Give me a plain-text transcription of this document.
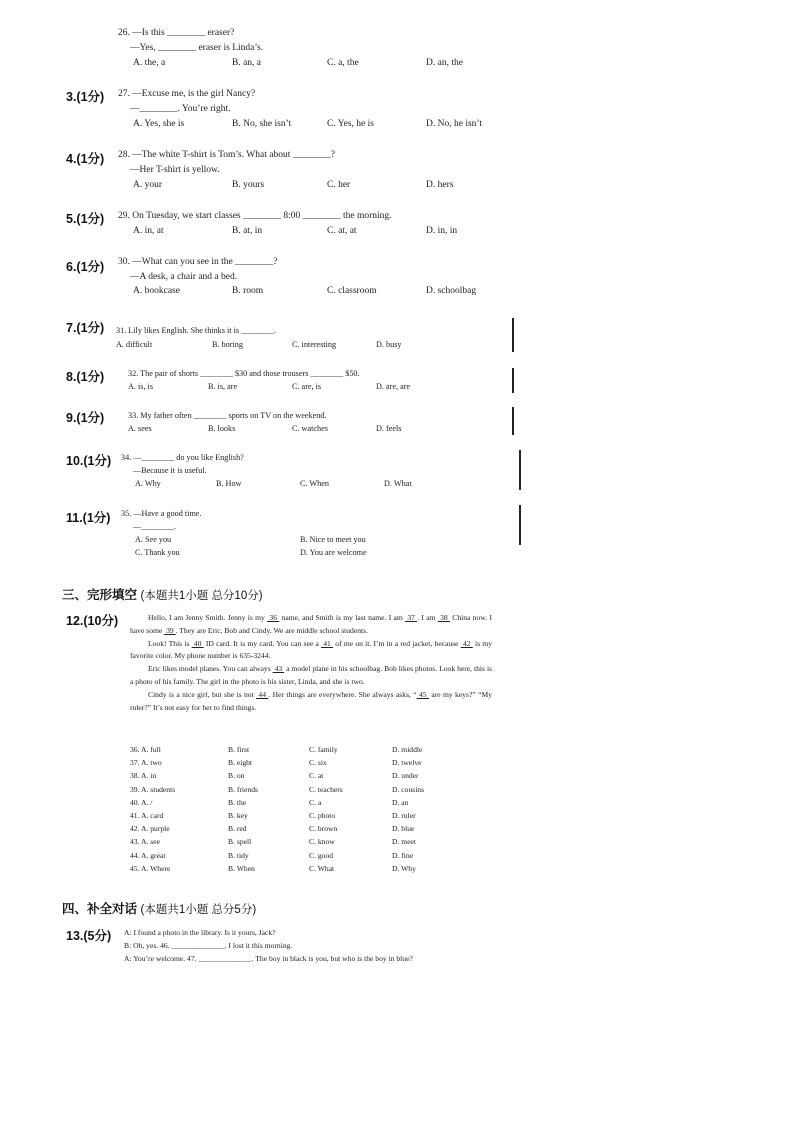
26. —Is this ________ eraser?
—Yes, ________ eraser is Linda’s.
A. the, a	B. an, a	C. a, the	D. an, the
3.(1分) 27. —Excuse me, is the girl Nancy?
—________. You’re right.
A. Yes, she is	B. No, she isn’t	C. Yes, he is	D. No, he isn’t
4.(1分) 28. —The white T-shirt is Tom’s. What about ________?
—Her T-shirt is yellow.
A. your	B. yours	C. her	D. hers
5.(1分) 29. On Tuesday, we start classes ________ 8:00 ________ the morning.
A. in, at	B. at, in	C. at, at	D. in, in
6.(1分) 30. —What can you see in the ________?
—A desk, a chair and a bed.
A. bookcase	B. room	C. classroom	D. schoolbag
7.(1分) 31. Lily likes English. She thinks it is ________.
A. difficult	B. boring	C. interesting	D. busy
8.(1分)	32. The pair of shorts ________ $30 and those trousers ________ $50.
A. is, is	B. is, are	C. are, is	D. are, are
9.(1分)	33. My father often ________ sports on TV on the weekend.
A. sees	B. looks	C. watches	D. feels
10.(1分) 34. —________ do you like English?
—Because it is useful.
A. Why	B. How	C. When	D. What
11.(1分) 35. —Have a good time.
—________.
A. See you	B. Nice to meet you
C. Thank you	D. You are welcome
三、完形填空 (本题共1小题 总分10分)
12.(10分)	Hello, I am Jenny Smith. Jenny is my  36  name, and Smith is my last name. I am  37 . I am  38  China now. I have some  39 . They are Eric, Bob and Cindy. We are middle school students.

Look! This is  40  ID card. It is my card. You can see a  41  of me on it. I’m in a red jacket, because  42  is my favorite color. My phone number is 635-3244.

Eric likes model planes. You can always  43  a model plane in his schoolbag. Bob likes photos. Look here, this is a photo of his family. The girl in the photo is his sister, Linda, and she is two.

Cindy is a nice girl, but she is not  44 . Her things are everywhere. She always asks, “ 45  are my keys?” “My ruler?” It’s not easy for her to find things.

36. A. full	B. first	C. family	D. middle
37. A. two	B. eight	C. six	D. twelve
38. A. in	B. on	C. at	D. under
39. A. students	B. friends	C. teachers	D. cousins
40. A. /	B. the	C. a	D. an
41. A. card	B. key	C. photo	D. ruler
42. A. purple	B. red	C. brown	D. blue
43. A. see	B. spell	C. know	D. meet
44. A. great	B. tidy	C. good	D. fine
45. A. Where	B. When	C. What	D. Why
四、补全对话 (本题共1小题 总分5分)
13.(5分) A: I found a photo in the library. Is it yours, Jack?
B: Oh, yes. 46. ______________. I lost it this morning.
A: You’re welcome. 47. ______________. The boy in black is you, but who is the boy in blue?
